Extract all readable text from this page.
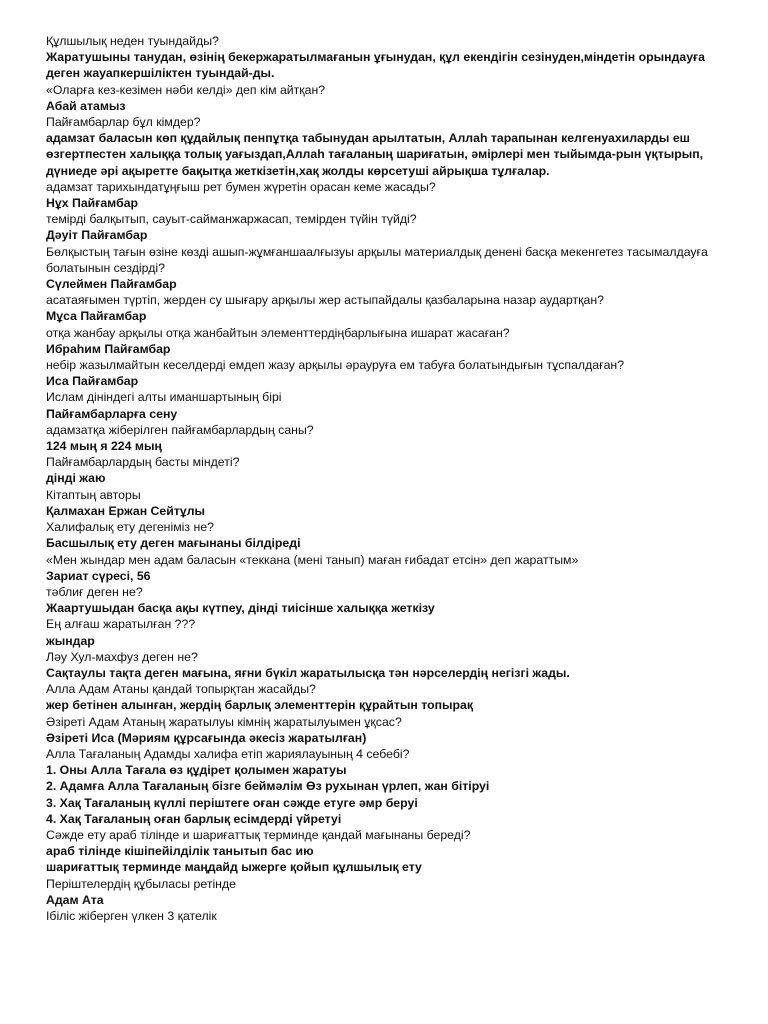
Құлшылық неден туындайды?

Жаратушыны танудан, өзінің бекержаратылмағанын ұғынудан, құл екендігін сезінуден,міндетін орындауға деген жауапкершіліктен туындай-ды.

«Оларға кез-кезімен нәби келді» деп кім айтқан?

Абай атамыз

Пайғамбарлар бұл кімдер?

адамзат баласын көп құдайлық пенпұтқа табынудан арылтатын, Аллаһ тарапынан келгенуахиларды еш өзгертпестен халыққа толық уағыздап,Аллаһ тағаланың шариғатын, әмірлері мен тыйымда-рын үқтырып, дүниеде әрі ақыретте бақытқа жеткізетін,хақ жолды көрсетуші айрықша тұлғалар.

адамзат тарихындатұңғыш рет бумен жүретін орасан кеме жасады?

Нұх Пайғамбар

темірді балқытып, сауыт-сайманжаржасап, темірден түйін түйді?

Дәуіт Пайғамбар

Бөлқыстың тағын өзіне көзді ашып-жұмғаншаалғызуы арқылы материалдық денені басқа мекенгетез тасымалдауға болатынын сездірді?

Сүлеймен Пайғамбар

асатаяғымен түртіп, жерден су шығару арқылы жер астыпайдалы қазбаларына назар аудартқан?

Мұса Пайғамбар

отқа жанбау арқылы отқа жанбайтын элементтердіңбарлығына ишарат жасаған?

Ибраһим Пайғамбар

небір жазылмайтын кеселдерді емдеп жазу арқылы әрауруға ем табуға болатындығын тұспалдаған?

Иса Пайғамбар

Ислам дініндегі алты иманшартының бірі

Пайғамбарларға сену

адамзатқа жіберілген пайғамбарлардың саны?

124 мың я 224 мың

Пайғамбарлардың басты міндеті?

дінді жаю

Кітаптың авторы

Қалмахан Ержан Сейтұлы

Халифалық ету дегеніміз не?

Басшылық ету деген мағынаны білдіреді

«Мен жындар мен адам баласын «теккана (мені танып) маған ғибадат етсін» деп жараттым»

Зариат сүресі, 56

тәблиғ деген не?

Жаартушыдан басқа ақы күтпеу, дінді тиісінше халыққа жеткізу

Ең алғаш жаратылған ???

жындар

Ләу Хул-махфуз деген не?

Сақтаулы тақта деген мағына, яғни бүкіл жаратылысқа тән нәрселердің негізгі жады.

Алла Адам Атаны қандай топырқтан жасайды?

жер бетінен алынған, жердің барлық элементтерін құрайтын топырақ

Әзіреті Адам Атаның жаратылуы кімнің жаратылуымен ұқсас?

Әзіреті Иса (Мәриям құрсағында әкесіз жаратылған)

Алла Тағаланың Адамды халифа етіп жариялауының 4 себебі?

1. Оны Алла Тағала өз құдірет қолымен жаратуы

2. Адамға Алла Тағаланың бізге беймәлім Өз рухынан үрлеп, жан бітіруі

3. Хақ Тағаланың күллі періштеге оған сәжде етуге әмр беруі

4. Хақ Тағаланың оған барлық есімдерді үйретуі

Сәжде ету араб тілінде и шариғаттық терминде қандай мағынаны береді?

араб тілінде кішіпейілділік танытып бас ию

шариғаттық терминде маңдайд ыжерге қойып құлшылық ету

Періштелердің құбыласы ретінде

Адам Ата

Ібіліс жіберген үлкен 3 қателік
